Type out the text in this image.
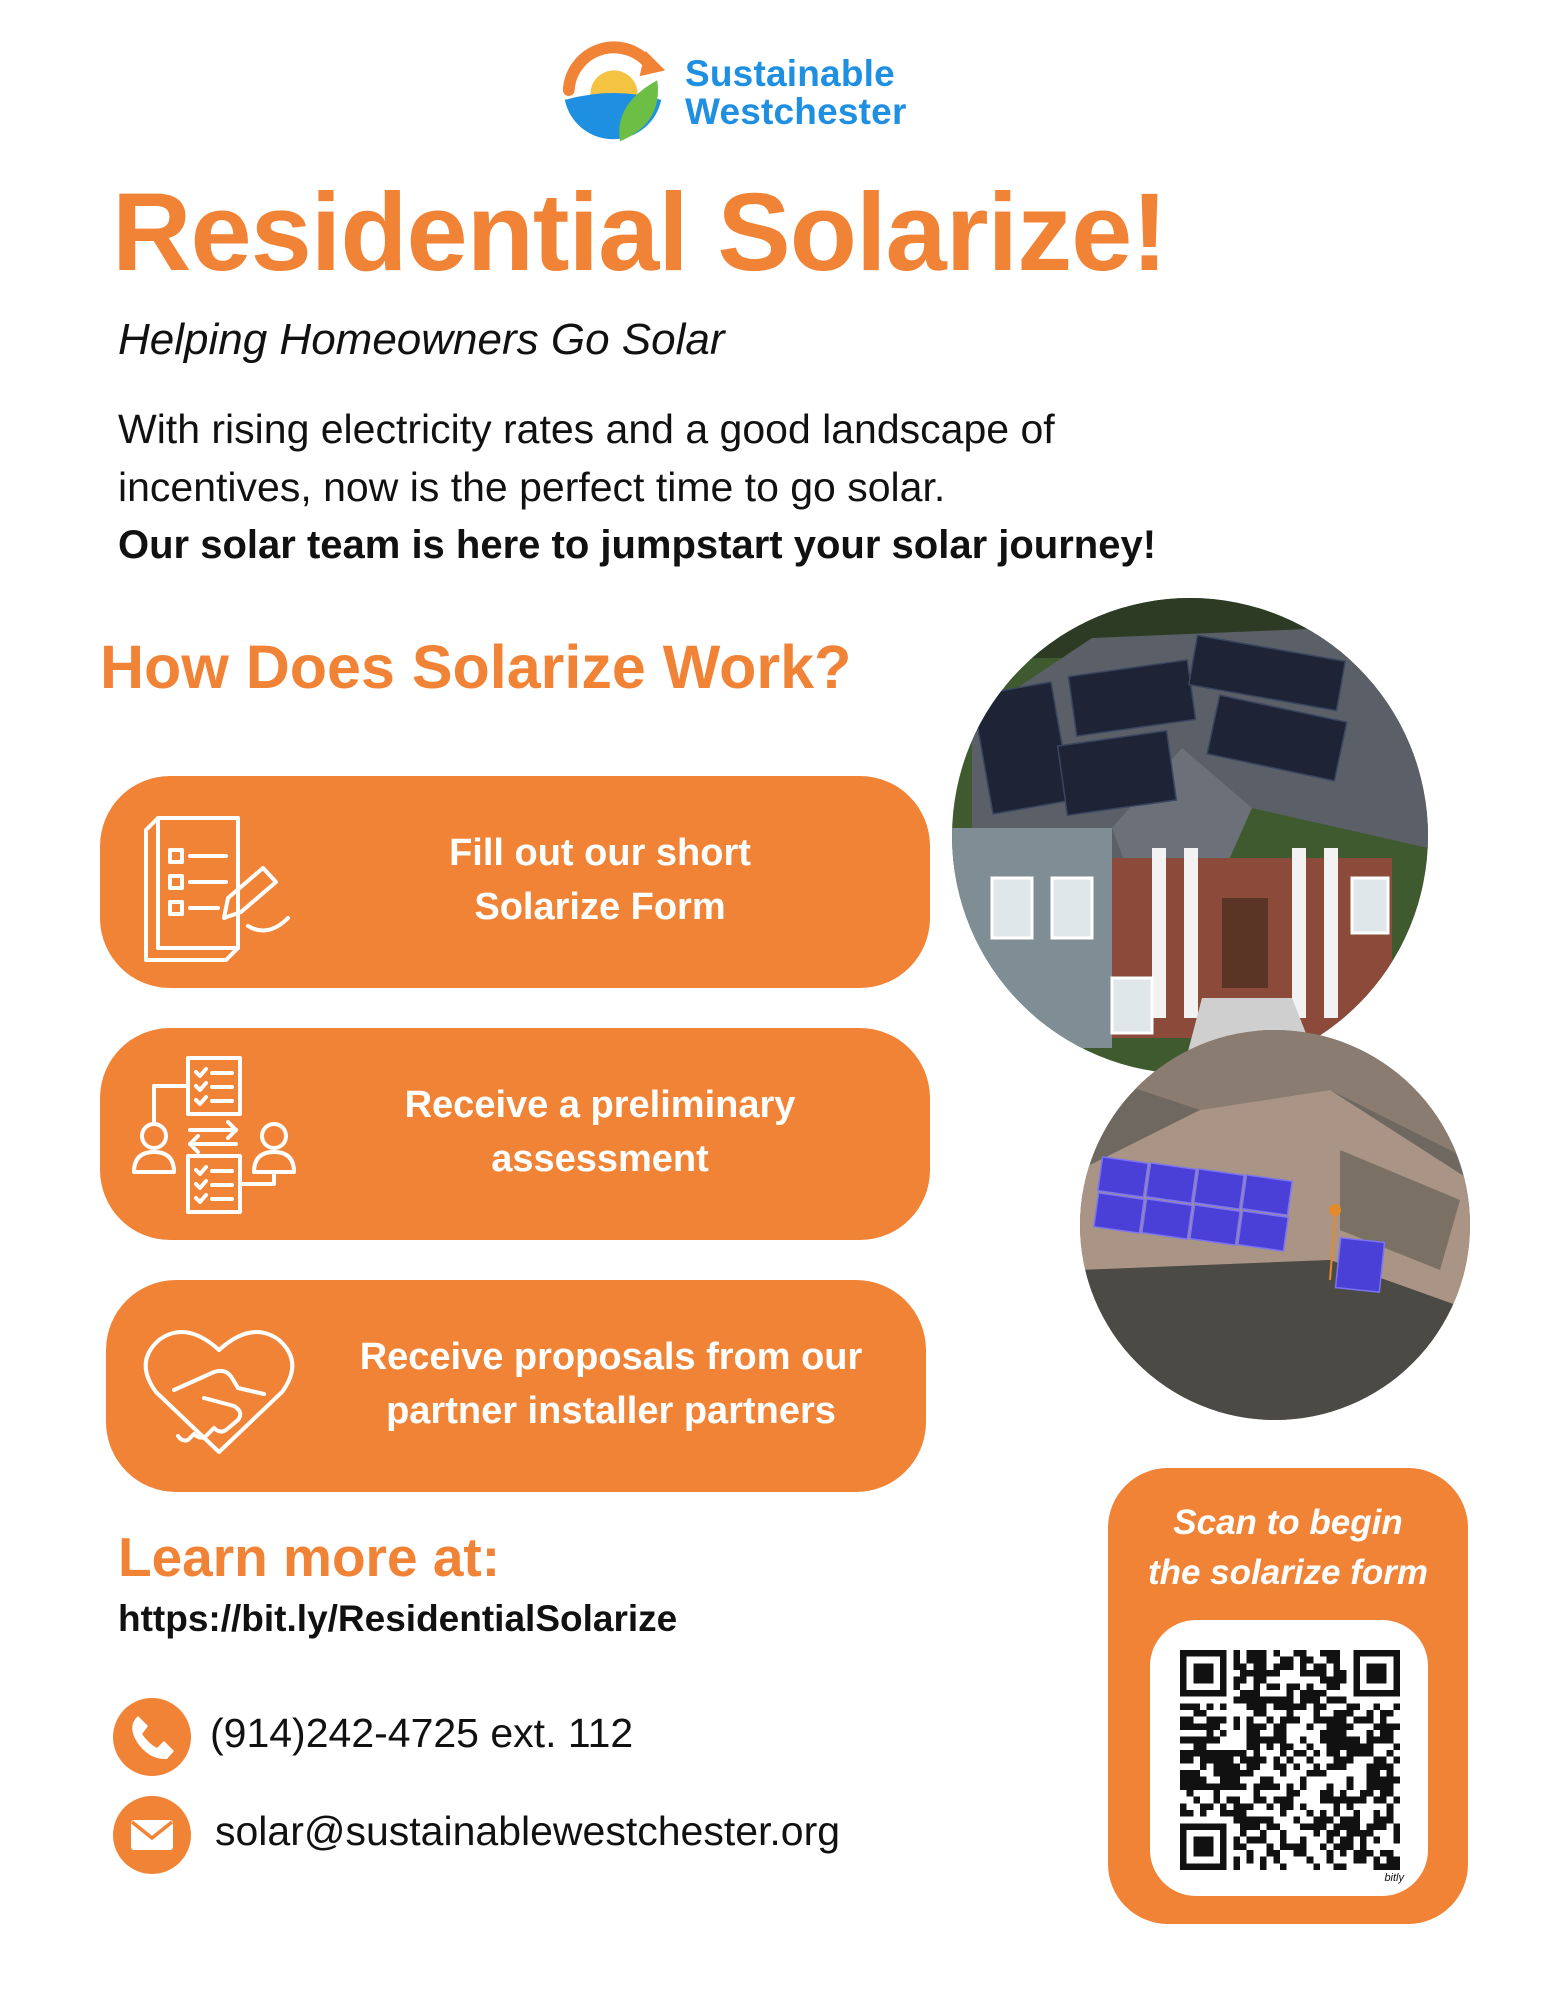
Sustainable
Westchester
Residential Solarize!
Helping Homeowners Go Solar
With rising electricity rates and a good landscape of
incentives, now is the perfect time to go solar.
Our solar team is here to jumpstart your solar journey!
How Does Solarize Work?
Fill out our short
Solarize Form
Receive a preliminary
assessment
Receive proposals from our
partner installer partners
Learn more at:
https://bit.ly/ResidentialSolarize
(914)242-4725 ext. 112
solar@sustainablewestchester.org
Scan to begin
the solarize form
bitly
